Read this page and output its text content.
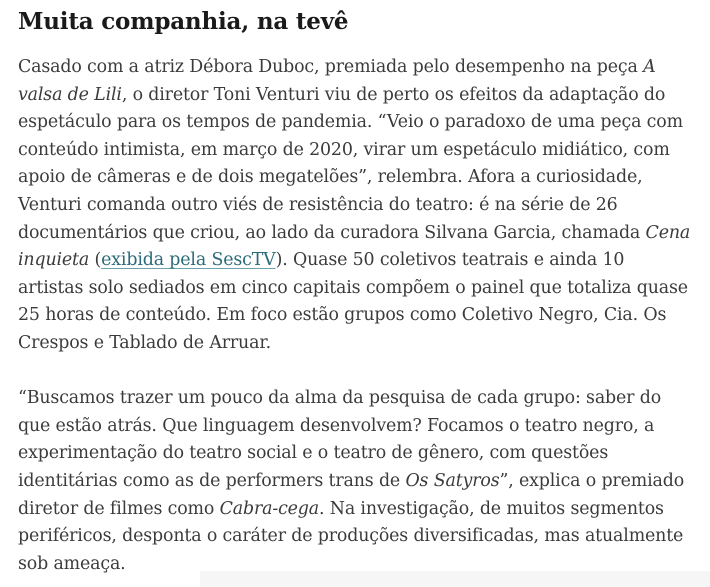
Muita companhia, na tevê

Casado com a atriz Débora Duboc, premiada pelo desempenho na peça A valsa de Lili, o diretor Toni Venturi viu de perto os efeitos da adaptação do espetáculo para os tempos de pandemia. “Veio o paradoxo de uma peça com conteúdo intimista, em março de 2020, virar um espetáculo midiático, com apoio de câmeras e de dois megatelões”, relembra. Afora a curiosidade, Venturi comanda outro viés de resistência do teatro: é na série de 26 documentários que criou, ao lado da curadora Silvana Garcia, chamada Cena inquieta (exibida pela SescTV). Quase 50 coletivos teatrais e ainda 10 artistas solo sediados em cinco capitais compõem o painel que totaliza quase 25 horas de conteúdo. Em foco estão grupos como Coletivo Negro, Cia. Os Crespos e Tablado de Arruar.

“Buscamos trazer um pouco da alma da pesquisa de cada grupo: saber do que estão atrás. Que linguagem desenvolvem? Focamos o teatro negro, a experimentação do teatro social e o teatro de gênero, com questões identitárias como as de performers trans de Os Satyros”, explica o premiado diretor de filmes como Cabra-cega. Na investigação, de muitos segmentos periféricos, desponta o caráter de produções diversificadas, mas atualmente sob ameaça.
